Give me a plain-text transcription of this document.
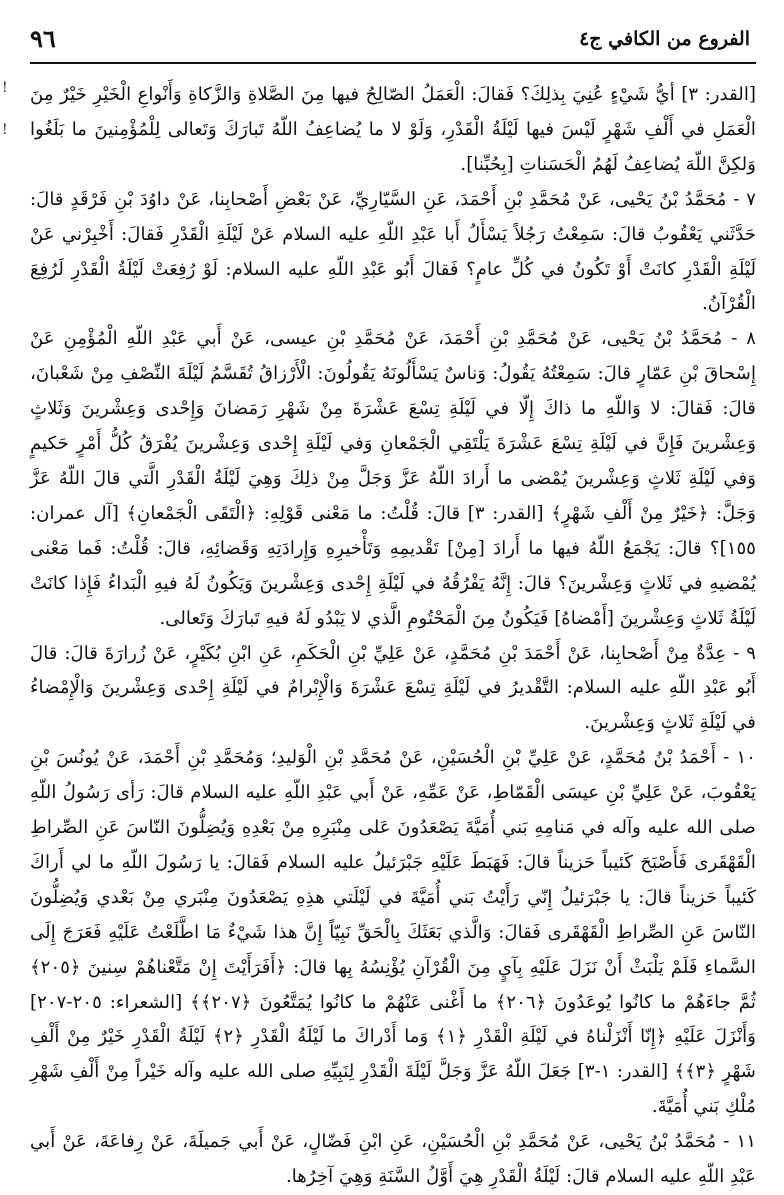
٩٦	الفروع من الكافي ج٤
!
!

[القدر: ٣] أيُّ شَيْءٍ عُنِيَ بِذلِكَ؟ فَقالَ: الْعَمَلُ الصّالِحُ فيها مِنَ الصَّلاةِ وَالزَّكاةِ وَأَنْواعِ الْخَيْرِ خَيْرٌ مِنَ الْعَمَلِ في أَلْفِ شَهْرٍ لَيْسَ فيها لَيْلَةُ الْقَدْرِ، وَلَوْ لا ما يُضاعِفُ اللّهُ تَبارَكَ وَتَعالى لِلْمُؤْمِنينَ ما بَلَغُوا وَلكِنَّ اللّهَ يُضاعِفُ لَهُمُ الْحَسَناتِ [بِحُبِّنا].

٧ - مُحَمَّدُ بْنُ يَحْيى، عَنْ مُحَمَّدِ بْنِ أَحْمَدَ، عَنِ السَّيّارِيِّ، عَنْ بَعْضِ أَصْحابِنا، عَنْ داوُدَ بْنِ فَرْقَدٍ قالَ: حَدَّثَني يَعْقُوبُ قالَ: سَمِعْتُ رَجُلاً يَسْأَلُ أَبا عَبْدِ اللّهِ عليه السلام عَنْ لَيْلَةِ الْقَدْرِ فَقالَ: أَخْبِرْني عَنْ لَيْلَةِ الْقَدْرِ كانَتْ أَوْ تَكُونُ في كُلِّ عامٍ؟ فَقالَ أَبُو عَبْدِ اللّهِ عليه السلام: لَوْ رُفِعَتْ لَيْلَةُ الْقَدْرِ لَرُفِعَ الْقُرْآنُ.

٨ - مُحَمَّدُ بْنُ يَحْيى، عَنْ مُحَمَّدِ بْنِ أَحْمَدَ، عَنْ مُحَمَّدِ بْنِ عيسى، عَنْ أَبي عَبْدِ اللّهِ الْمُؤْمِنِ عَنْ إِسْحاقَ بْنِ عَمّارٍ قالَ: سَمِعْتُهُ يَقُولُ: وَناسٌ يَسْأَلُونَهُ يَقُولُونَ: الْأَرْزاقُ تُقَسَّمُ لَيْلَةَ النِّصْفِ مِنْ شَعْبانَ، قالَ: فَقالَ: لا وَاللّهِ ما ذاكَ إِلّا في لَيْلَةِ تِسْعَ عَشْرَةَ مِنْ شَهْرِ رَمَضانَ وَإِحْدى وَعِشْرينَ وَثَلاثٍ وَعِشْرينَ فَإِنَّ في لَيْلَةِ تِسْعَ عَشْرَةَ يَلْتَقِي الْجَمْعانِ وَفي لَيْلَةِ إِحْدى وَعِشْرينَ يُفْرَقُ كُلُّ أَمْرٍ حَكيمٍ وَفي لَيْلَةِ ثَلاثٍ وَعِشْرينَ يُمْضى ما أَرادَ اللّهُ عَزَّ وَجَلَّ مِنْ ذلِكَ وَهِيَ لَيْلَةُ الْقَدْرِ الَّتي قالَ اللّهُ عَزَّ وَجَلَّ: ﴿خَيْرٌ مِنْ أَلْفِ شَهْرٍ﴾ [القدر: ٣] قالَ: قُلْتُ: ما مَعْنى قَوْلِهِ: ﴿الْتَقَى الْجَمْعانِ﴾ [آل عمران: ١٥٥]؟ قالَ: يَجْمَعُ اللّهُ فيها ما أَرادَ [مِنْ] تَقْديمِهِ وَتَأْخيرِهِ وَإِرادَتِهِ وَقَضائِهِ، قالَ: قُلْتُ: فَما مَعْنى يُمْضيهِ في ثَلاثٍ وَعِشْرينَ؟ قالَ: إِنَّهُ يَفْرُقُهُ في لَيْلَةِ إِحْدى وَعِشْرينَ وَيَكُونُ لَهُ فيهِ الْبَداءُ فَإِذا كانَتْ لَيْلَةُ ثَلاثٍ وَعِشْرينَ [أَمْضاهُ] فَيَكُونُ مِنَ الْمَحْتُومِ الَّذي لا يَبْدُو لَهُ فيهِ تَبارَكَ وَتَعالى.

٩ - عِدَّةٌ مِنْ أَصْحابِنا، عَنْ أَحْمَدَ بْنِ مُحَمَّدٍ، عَنْ عَلِيِّ بْنِ الْحَكَمِ، عَنِ ابْنِ بُكَيْرٍ، عَنْ زُرارَةَ قالَ: قالَ أَبُو عَبْدِ اللّهِ عليه السلام: التَّقْديرُ في لَيْلَةِ تِسْعَ عَشْرَةَ وَالْإِبْرامُ في لَيْلَةِ إِحْدى وَعِشْرينَ وَالْإِمْضاءُ في لَيْلَةِ ثَلاثٍ وَعِشْرينَ.

١٠ - أَحْمَدُ بْنُ مُحَمَّدٍ، عَنْ عَلِيِّ بْنِ الْحُسَيْنِ، عَنْ مُحَمَّدِ بْنِ الْوَليدِ؛ وَمُحَمَّدِ بْنِ أَحْمَدَ، عَنْ يُونُسَ بْنِ يَعْقُوبَ، عَنْ عَلِيِّ بْنِ عيسَى الْقَمّاطِ، عَنْ عَمِّهِ، عَنْ أَبي عَبْدِ اللّهِ عليه السلام قالَ: رَأى رَسُولُ اللّهِ صلى الله عليه وآله في مَنامِهِ بَني أُمَيَّةَ يَصْعَدُونَ عَلى مِنْبَرِهِ مِنْ بَعْدِهِ وَيُضِلُّونَ النّاسَ عَنِ الصِّراطِ الْقَهْقَرى فَأَصْبَحَ كَئيباً حَزيناً قالَ: فَهَبَطَ عَلَيْهِ جَبْرَئيلُ عليه السلام فَقالَ: يا رَسُولَ اللّهِ ما لي أَراكَ كَئيباً حَزيناً قالَ: يا جَبْرَئيلُ إِنّي رَأَيْتُ بَني أُمَيَّةَ في لَيْلَتي هذِهِ يَصْعَدُونَ مِنْبَري مِنْ بَعْدي وَيُضِلُّونَ النّاسَ عَنِ الصِّراطِ الْقَهْقَرى فَقالَ: وَالَّذي بَعَثَكَ بِالْحَقِّ نَبِيّاً إِنَّ هذا شَيْءٌ مَا اطَّلَعْتُ عَلَيْهِ فَعَرَجَ إِلَى السَّماءِ فَلَمْ يَلْبَثْ أَنْ نَزَلَ عَلَيْهِ بِآيٍ مِنَ الْقُرْآنِ يُؤْنِسُهُ بِها قالَ: ﴿أَفَرَأَيْتَ إِنْ مَتَّعْناهُمْ سِنينَ ﴿٢٠٥﴾ ثُمَّ جاءَهُمْ ما كانُوا يُوعَدُونَ ﴿٢٠٦﴾ ما أَغْنى عَنْهُمْ ما كانُوا يُمَتَّعُونَ ﴿٢٠٧﴾﴾ [الشعراء: ٢٠٥-٢٠٧] وَأَنْزَلَ عَلَيْهِ ﴿إِنّا أَنْزَلْناهُ في لَيْلَةِ الْقَدْرِ ﴿١﴾ وَما أَدْراكَ ما لَيْلَةُ الْقَدْرِ ﴿٢﴾ لَيْلَةُ الْقَدْرِ خَيْرٌ مِنْ أَلْفِ شَهْرٍ ﴿٣﴾﴾ [القدر: ١-٣] جَعَلَ اللّهُ عَزَّ وَجَلَّ لَيْلَةَ الْقَدْرِ لِنَبِيِّهِ صلى الله عليه وآله خَيْراً مِنْ أَلْفِ شَهْرِ مُلْكِ بَني أُمَيَّةَ.

١١ - مُحَمَّدُ بْنُ يَحْيى، عَنْ مُحَمَّدِ بْنِ الْحُسَيْنِ، عَنِ ابْنِ فَضّالٍ، عَنْ أَبي جَميلَةَ، عَنْ رِفاعَةَ، عَنْ أَبي عَبْدِ اللّهِ عليه السلام قالَ: لَيْلَةُ الْقَدْرِ هِيَ أَوَّلُ السَّنَةِ وَهِيَ آخِرُها.
